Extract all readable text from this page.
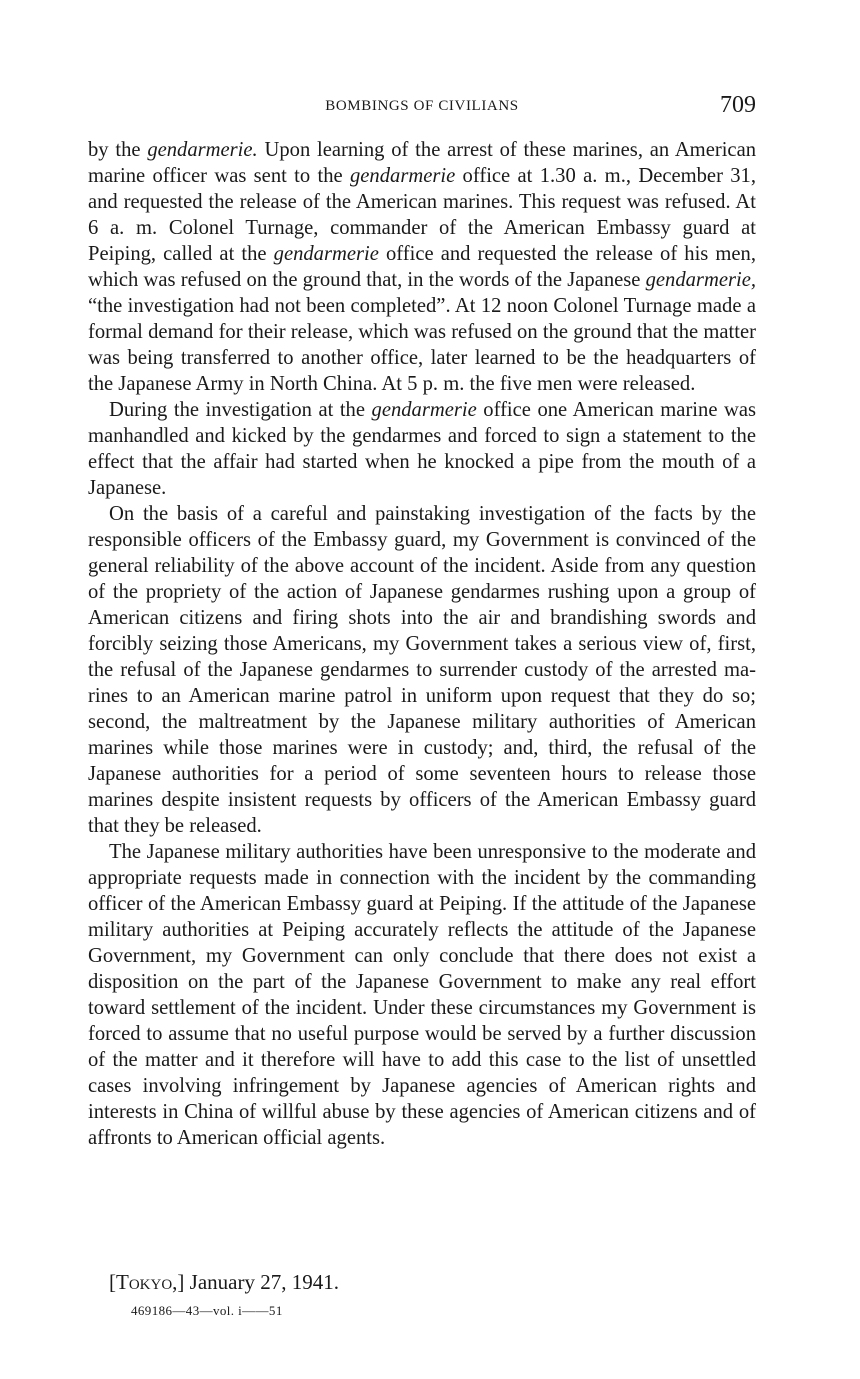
BOMBINGS OF CIVILIANS	709

by the gendarmerie. Upon learning of the arrest of these marines, an American marine officer was sent to the gendarmerie office at 1.30 a. m., December 31, and requested the release of the American marines. This request was refused. At 6 a. m. Colonel Turnage, commander of the American Embassy guard at Peiping, called at the gendarmerie office and requested the release of his men, which was refused on the ground that, in the words of the Japanese gendarmerie, “the investigation had not been completed”. At 12 noon Colonel Turnage made a formal demand for their release, which was refused on the ground that the matter was being transferred to another office, later learned to be the headquarters of the Japanese Army in North China. At 5 p. m. the five men were released.

During the investigation at the gendarmerie office one American marine was manhandled and kicked by the gendarmes and forced to sign a statement to the effect that the affair had started when he knocked a pipe from the mouth of a Japanese.

On the basis of a careful and painstaking investigation of the facts by the responsible officers of the Embassy guard, my Government is convinced of the general reliability of the above account of the incident. Aside from any question of the propriety of the action of Japanese gendarmes rushing upon a group of American citizens and firing shots into the air and brandishing swords and forcibly seizing those Americans, my Government takes a serious view of, first, the refusal of the Japanese gendarmes to surrender custody of the arrested marines to an American marine patrol in uniform upon request that they do so; second, the maltreatment by the Japanese military authorities of American marines while those marines were in custody; and, third, the refusal of the Japanese authorities for a period of some seventeen hours to release those marines despite insistent requests by officers of the American Embassy guard that they be released.

The Japanese military authorities have been unresponsive to the moderate and appropriate requests made in connection with the incident by the commanding officer of the American Embassy guard at Peiping. If the attitude of the Japanese military authorities at Peiping accurately reflects the attitude of the Japanese Government, my Government can only conclude that there does not exist a disposition on the part of the Japanese Government to make any real effort toward settlement of the incident. Under these circumstances my Government is forced to assume that no useful purpose would be served by a further discussion of the matter and it therefore will have to add this case to the list of unsettled cases involving infringement by Japanese agencies of American rights and interests in China of willful abuse by these agencies of American citizens and of affronts to American official agents.

[Tokyo,] January 27, 1941.
469186—43—vol. i——51
